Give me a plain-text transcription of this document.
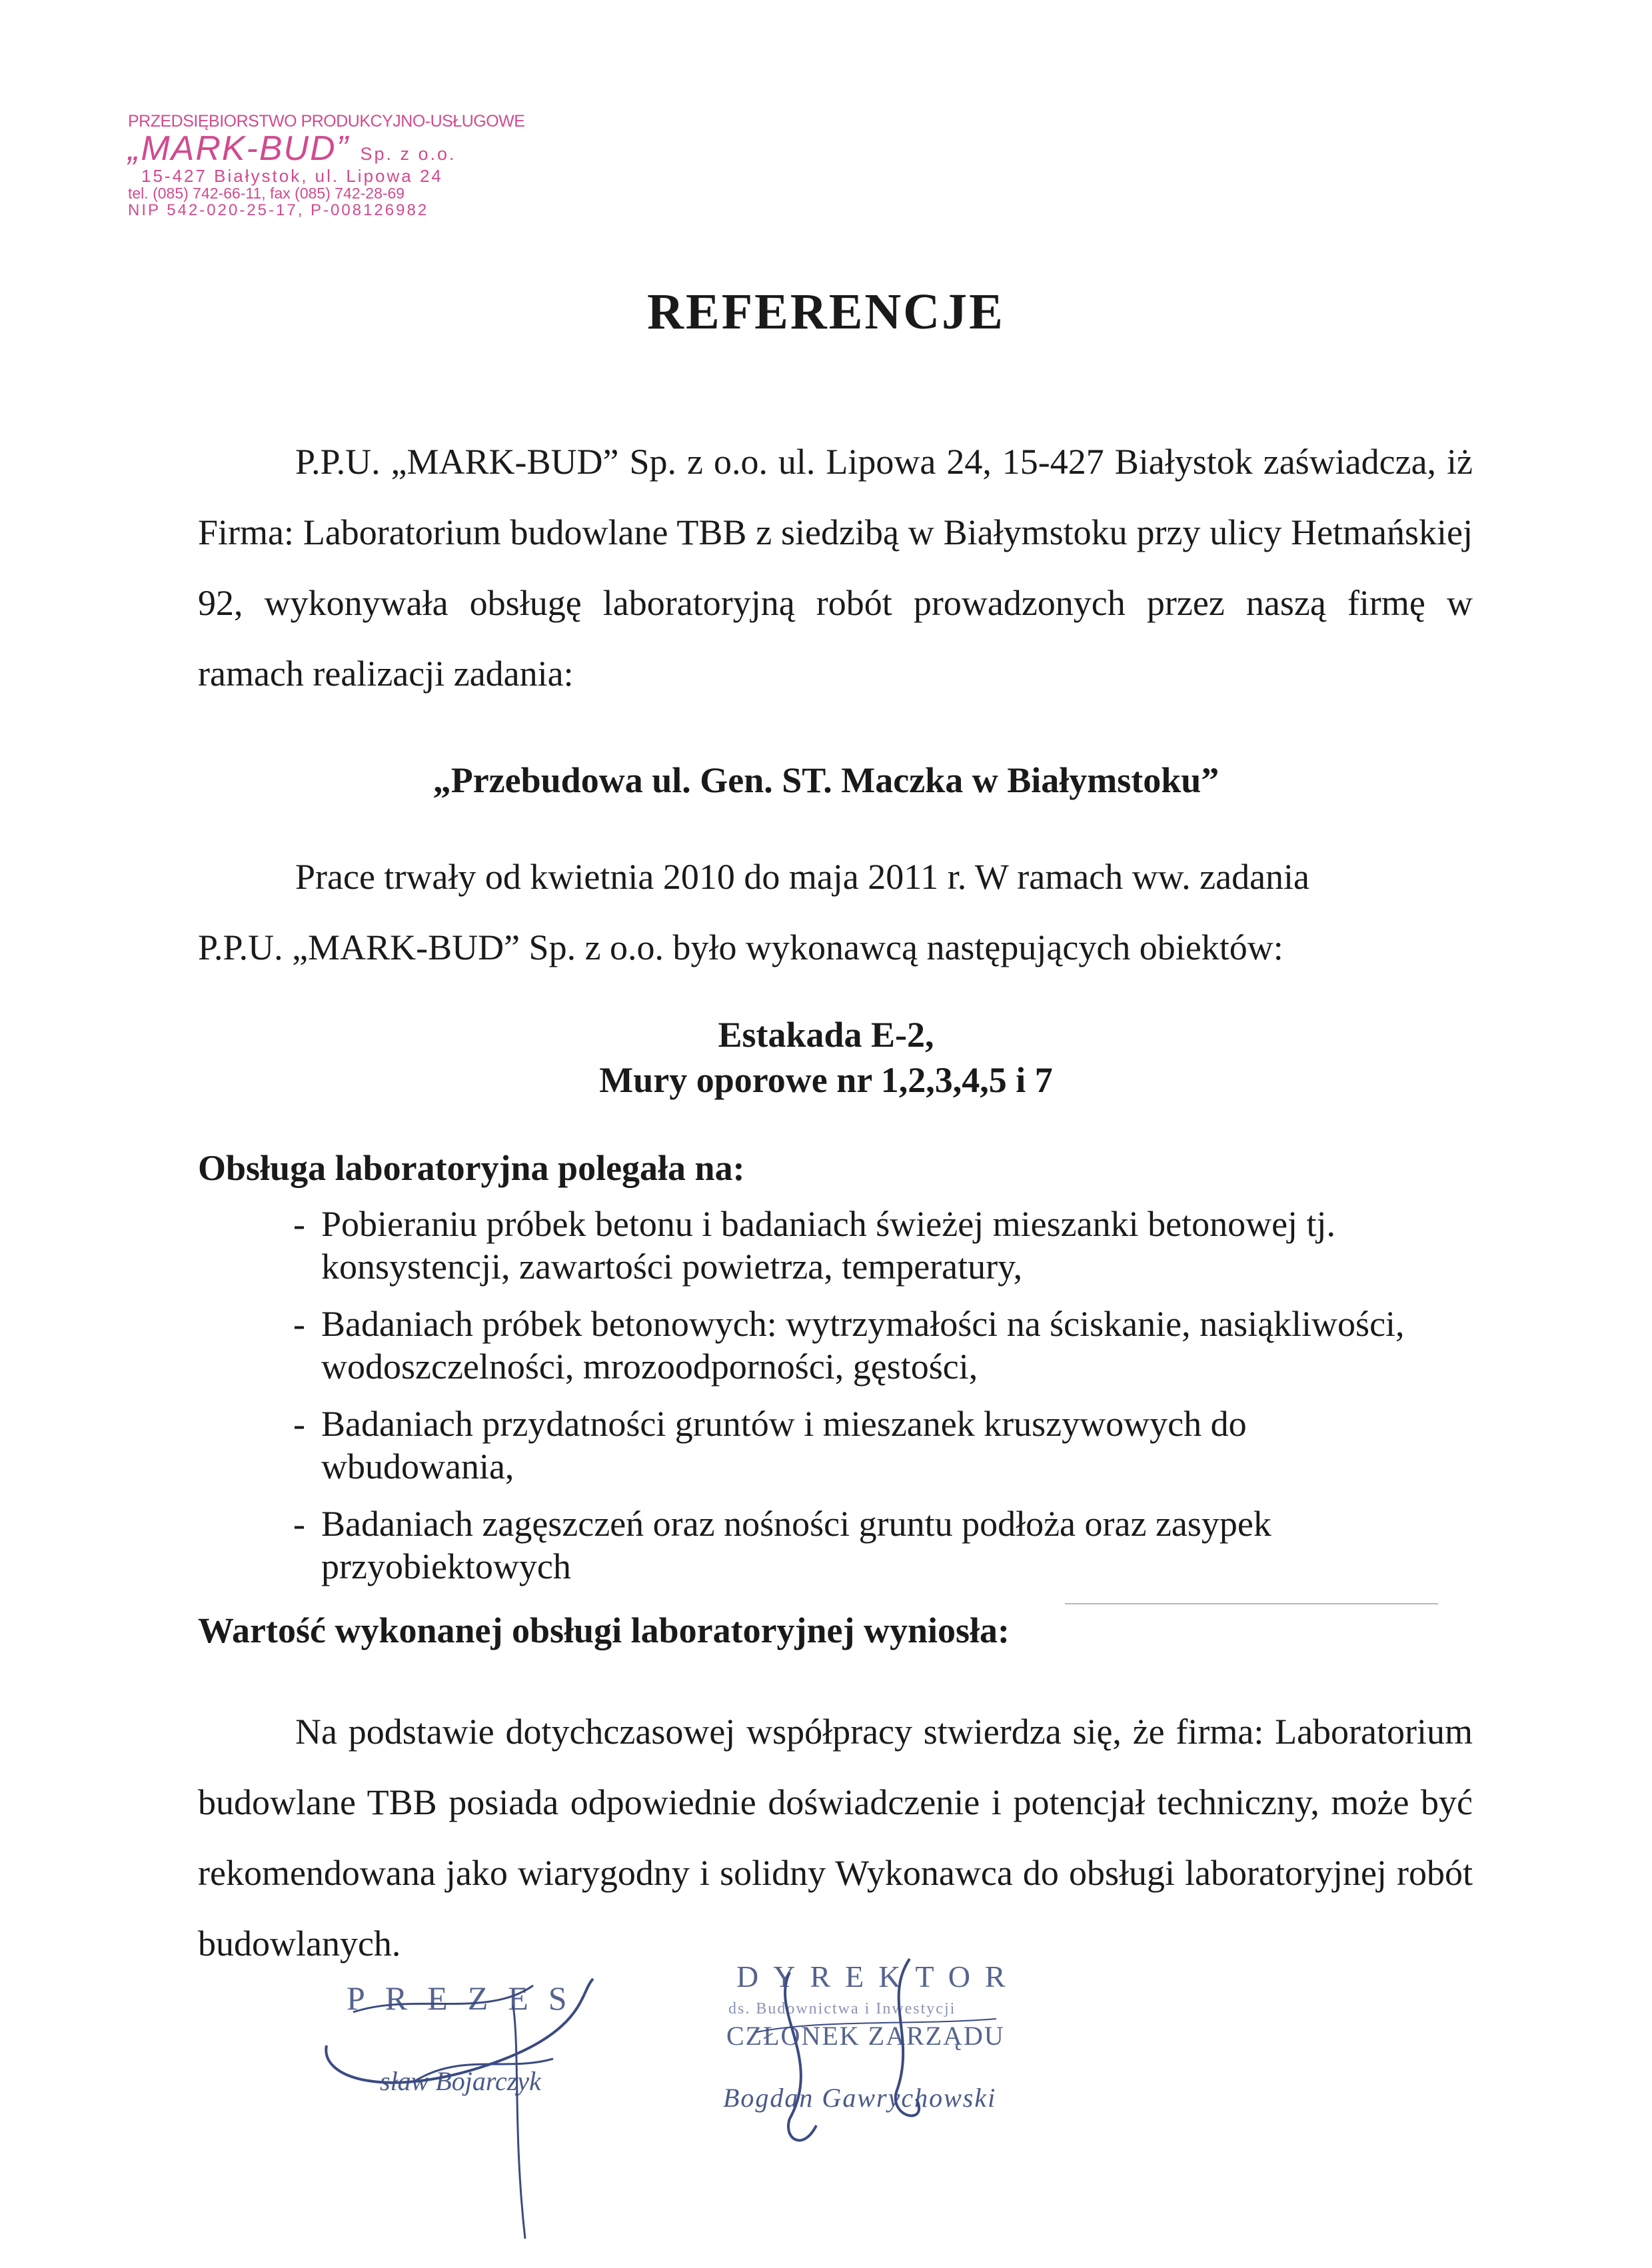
PRZEDSIĘBIORSTWO PRODUKCYJNO-USŁUGOWE
„MARK-BUD” Sp. z o.o.
15-427 Białystok, ul. Lipowa 24
tel. (085) 742-66-11, fax (085) 742-28-69
NIP 542-020-25-17, P-008126982
REFERENCJE
P.P.U. „MARK-BUD” Sp. z o.o. ul. Lipowa 24, 15-427 Białystok zaświadcza, iż Firma: Laboratorium budowlane TBB z siedzibą w Białymstoku przy ulicy Hetmańskiej 92, wykonywała obsługę laboratoryjną robót prowadzonych przez naszą firmę w ramach realizacji zadania:
„Przebudowa ul. Gen. ST. Maczka w Białymstoku”
Prace trwały od kwietnia 2010 do maja 2011 r. W ramach ww. zadania
P.P.U. „MARK-BUD” Sp. z o.o. było wykonawcą następujących obiektów:
Estakada E-2,
Mury oporowe nr 1,2,3,4,5 i 7
Obsługa laboratoryjna polegała na:
- Pobieraniu próbek betonu i badaniach świeżej mieszanki betonowej tj.
konsystencji, zawartości powietrza, temperatury,
- Badaniach próbek betonowych: wytrzymałości na ściskanie, nasiąkliwości,
wodoszczelności, mrozoodporności, gęstości,
- Badaniach przydatności gruntów i mieszanek kruszywowych do
wbudowania,
- Badaniach zagęszczeń oraz nośności gruntu podłoża oraz zasypek
przyobiektowych
Wartość wykonanej obsługi laboratoryjnej wyniosła:
Na podstawie dotychczasowej współpracy stwierdza się, że firma: Laboratorium budowlane TBB posiada odpowiednie doświadczenie i potencjał techniczny, może być rekomendowana jako wiarygodny i solidny Wykonawca do obsługi laboratoryjnej robót budowlanych.
PREZES
sław Bojarczyk
DYREKTOR
ds. Budownictwa i Inwestycji
CZŁONEK ZARZĄDU
Bogdan Gawrychowski
